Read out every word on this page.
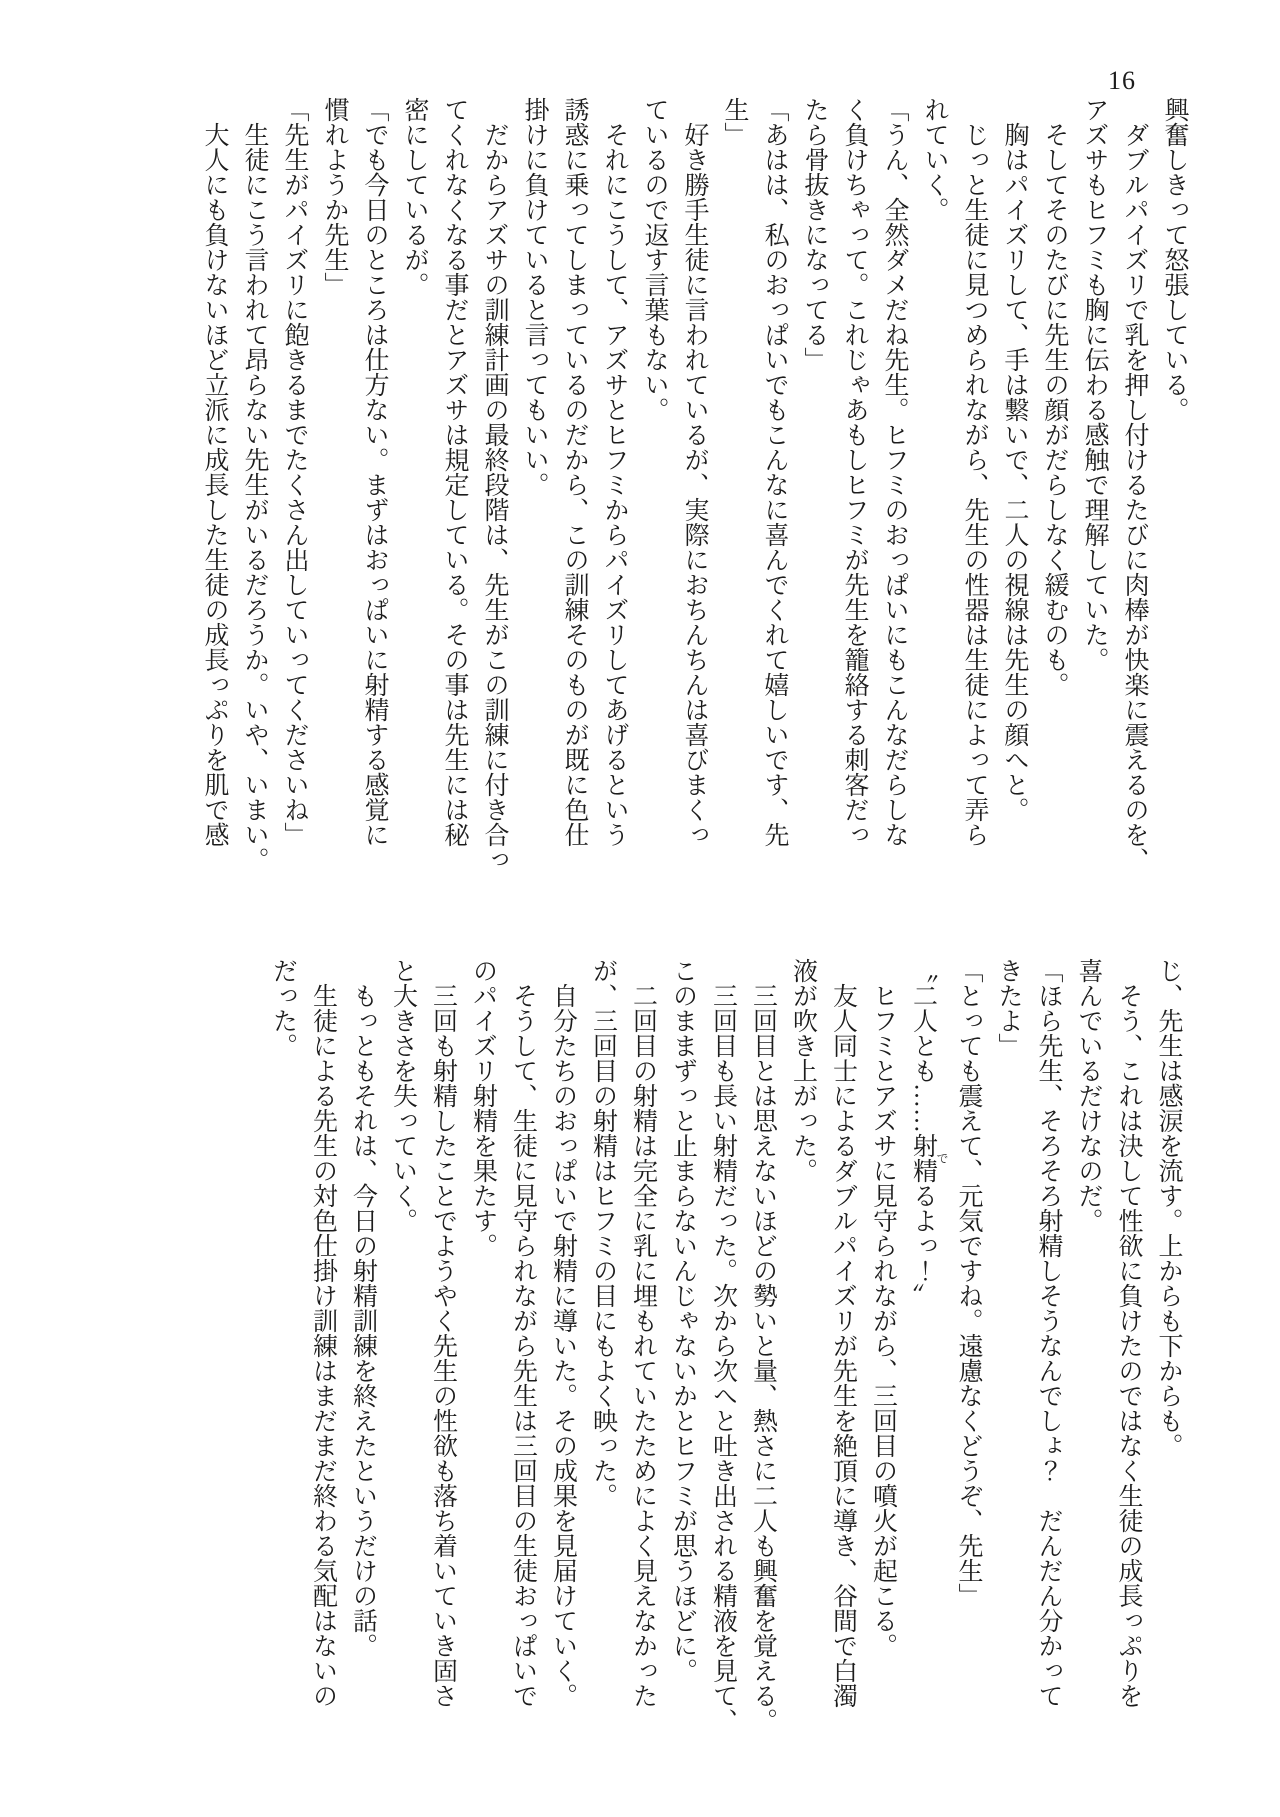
16
興奮しきって怒張している。
　ダブルパイズリで乳を押し付けるたびに肉棒が快楽に震えるのを、
アズサもヒフミも胸に伝わる感触で理解していた。
　そしてそのたびに先生の顔がだらしなく緩むのも。
　胸はパイズリして、手は繋いで、二人の視線は先生の顔へと。
　じっと生徒に見つめられながら、先生の性器は生徒によって弄ら
れていく。
「うん、全然ダメだね先生。ヒフミのおっぱいにもこんなだらしな
く負けちゃって。これじゃあもしヒフミが先生を籠絡する刺客だっ
たら骨抜きになってる」
「あはは、私のおっぱいでもこんなに喜んでくれて嬉しいです、先
生」
　好き勝手生徒に言われているが、実際におちんちんは喜びまくっ
ているので返す言葉もない。
　それにこうして、アズサとヒフミからパイズリしてあげるという
誘惑に乗ってしまっているのだから、この訓練そのものが既に色仕
掛けに負けていると言ってもいい。
　だからアズサの訓練計画の最終段階は、先生がこの訓練に付き合っ
てくれなくなる事だとアズサは規定している。その事は先生には秘
密にしているが。
「でも今日のところは仕方ない。まずはおっぱいに射精する感覚に
慣れようか先生」
「先生がパイズリに飽きるまでたくさん出していってくださいね」
　生徒にこう言われて昂らない先生がいるだろうか。いや、いまい。
　大人にも負けないほど立派に成長した生徒の成長っぷりを肌で感
じ、先生は感涙を流す。上からも下からも。
　そう、これは決して性欲に負けたのではなく生徒の成長っぷりを
喜んでいるだけなのだ。
「ほら先生、そろそろ射精しそうなんでしょ？　だんだん分かって
きたよ」
「とっても震えて、元気ですね。遠慮なくどうぞ、先生」
〝二人とも……射精でるよっ！〟
　ヒフミとアズサに見守られながら、三回目の噴火が起こる。
　友人同士によるダブルパイズリが先生を絶頂に導き、谷間で白濁
液が吹き上がった。
　三回目とは思えないほどの勢いと量、熱さに二人も興奮を覚える。
　三回目も長い射精だった。次から次へと吐き出される精液を見て、
このままずっと止まらないんじゃないかとヒフミが思うほどに。
　二回目の射精は完全に乳に埋もれていたためによく見えなかった
が、三回目の射精はヒフミの目にもよく映った。
　自分たちのおっぱいで射精に導いた。その成果を見届けていく。
　そうして、生徒に見守られながら先生は三回目の生徒おっぱいで
のパイズリ射精を果たす。
　三回も射精したことでようやく先生の性欲も落ち着いていき固さ
と大きさを失っていく。
　もっともそれは、今日の射精訓練を終えたというだけの話。
　生徒による先生の対色仕掛け訓練はまだまだ終わる気配はないの
だった。
